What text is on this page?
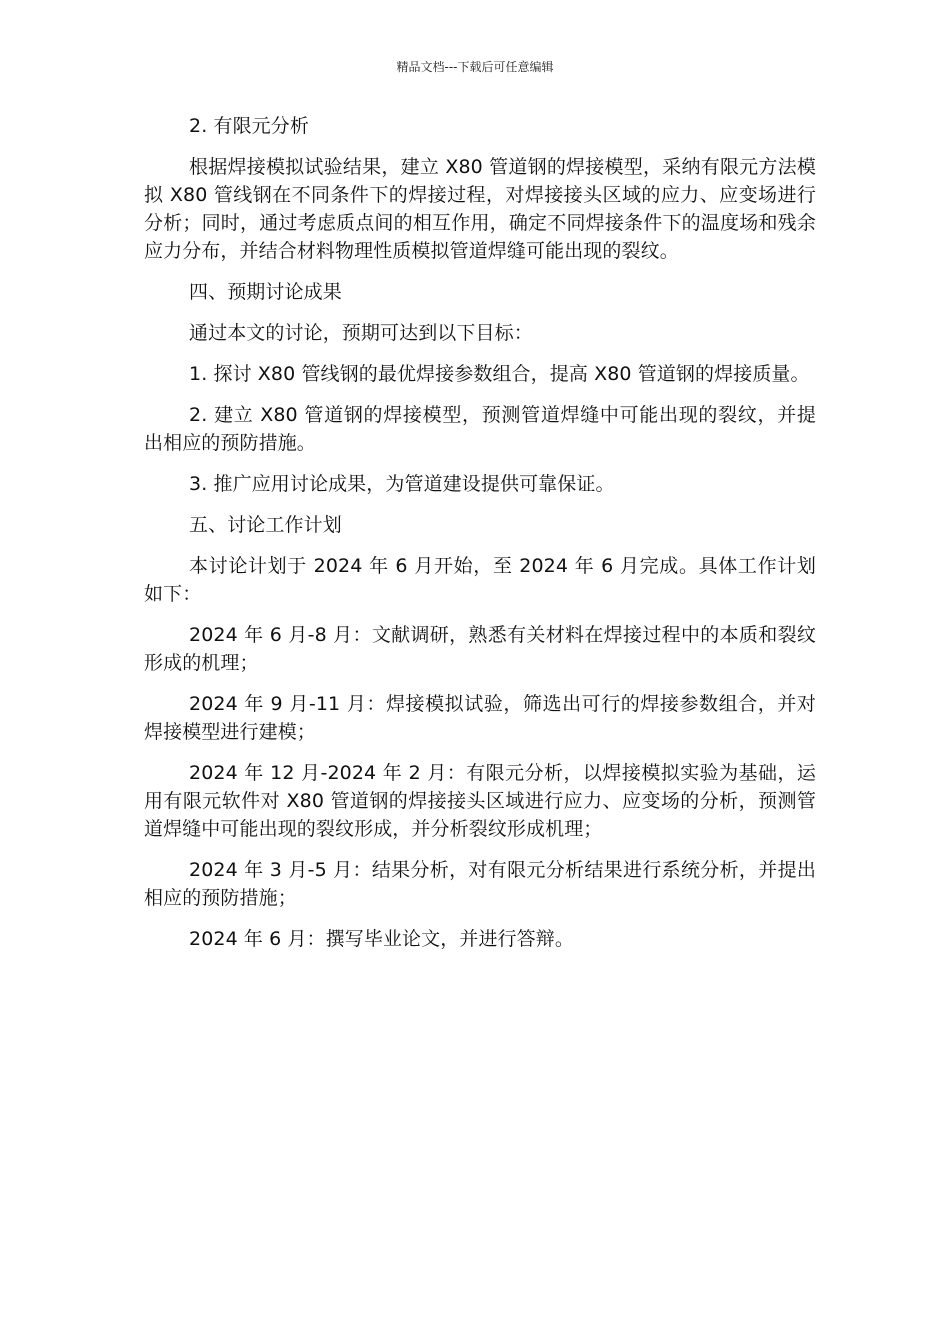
精品文档---下载后可任意编辑

2. 有限元分析

根据焊接模拟试验结果，建立 X80 管道钢的焊接模型，采纳有限元方法模拟 X80 管线钢在不同条件下的焊接过程，对焊接接头区域的应力、应变场进行分析；同时，通过考虑质点间的相互作用，确定不同焊接条件下的温度场和残余应力分布，并结合材料物理性质模拟管道焊缝可能出现的裂纹。

四、预期讨论成果

通过本文的讨论，预期可达到以下目标：

1. 探讨 X80 管线钢的最优焊接参数组合，提高 X80 管道钢的焊接质量。

2. 建立 X80 管道钢的焊接模型，预测管道焊缝中可能出现的裂纹，并提出相应的预防措施。

3. 推广应用讨论成果，为管道建设提供可靠保证。

五、讨论工作计划

本讨论计划于 2024 年 6 月开始，至 2024 年 6 月完成。具体工作计划如下：

2024 年 6 月-8 月：文献调研，熟悉有关材料在焊接过程中的本质和裂纹形成的机理；

2024 年 9 月-11 月：焊接模拟试验，筛选出可行的焊接参数组合，并对焊接模型进行建模；

2024 年 12 月-2024 年 2 月：有限元分析，以焊接模拟实验为基础，运用有限元软件对 X80 管道钢的焊接接头区域进行应力、应变场的分析，预测管道焊缝中可能出现的裂纹形成，并分析裂纹形成机理；

2024 年 3 月-5 月：结果分析，对有限元分析结果进行系统分析，并提出相应的预防措施；

2024 年 6 月：撰写毕业论文，并进行答辩。
